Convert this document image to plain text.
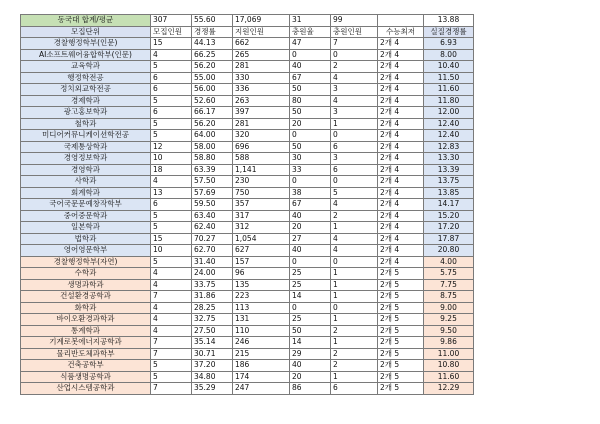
동국대 합계/평균	307	55.60	17,069	31	99		13.88
모집단위	모집인원	경쟁률	지원인원	충원율	충원인원	수능최저	실질경쟁률
경찰행정학부(인문)	15	44.13	662	47	7	2개 4	6.93
AI소프트웨어융합학부(인문)	4	66.25	265	0	0	2개 4	8.00
교육학과	5	56.20	281	40	2	2개 4	10.40
행정학전공	6	55.00	330	67	4	2개 4	11.50
정치외교학전공	6	56.00	336	50	3	2개 4	11.60
경제학과	5	52.60	263	80	4	2개 4	11.80
광고홍보학과	6	66.17	397	50	3	2개 4	12.00
철학과	5	56.20	281	20	1	2개 4	12.40
미디어커뮤니케이션학전공	5	64.00	320	0	0	2개 4	12.40
국제통상학과	12	58.00	696	50	6	2개 4	12.83
경영정보학과	10	58.80	588	30	3	2개 4	13.30
경영학과	18	63.39	1,141	33	6	2개 4	13.39
사학과	4	57.50	230	0	0	2개 4	13.75
회계학과	13	57.69	750	38	5	2개 4	13.85
국어국문문예창작학부	6	59.50	357	67	4	2개 4	14.17
중어중문학과	5	63.40	317	40	2	2개 4	15.20
일본학과	5	62.40	312	20	1	2개 4	17.20
법학과	15	70.27	1,054	27	4	2개 4	17.87
영어영문학부	10	62.70	627	40	4	2개 4	20.80
경찰행정학부(자연)	5	31.40	157	0	0	2개 4	4.00
수학과	4	24.00	96	25	1	2개 5	5.75
생명과학과	4	33.75	135	25	1	2개 5	7.75
건설환경공학과	7	31.86	223	14	1	2개 5	8.75
화학과	4	28.25	113	0	0	2개 5	9.00
바이오환경과학과	4	32.75	131	25	1	2개 5	9.25
통계학과	4	27.50	110	50	2	2개 5	9.50
기계로봇에너지공학과	7	35.14	246	14	1	2개 5	9.86
물리반도체과학부	7	30.71	215	29	2	2개 5	11.00
건축공학부	5	37.20	186	40	2	2개 5	10.80
식품생명공학과	5	34.80	174	20	1	2개 5	11.60
산업시스템공학과	7	35.29	247	86	6	2개 5	12.29
